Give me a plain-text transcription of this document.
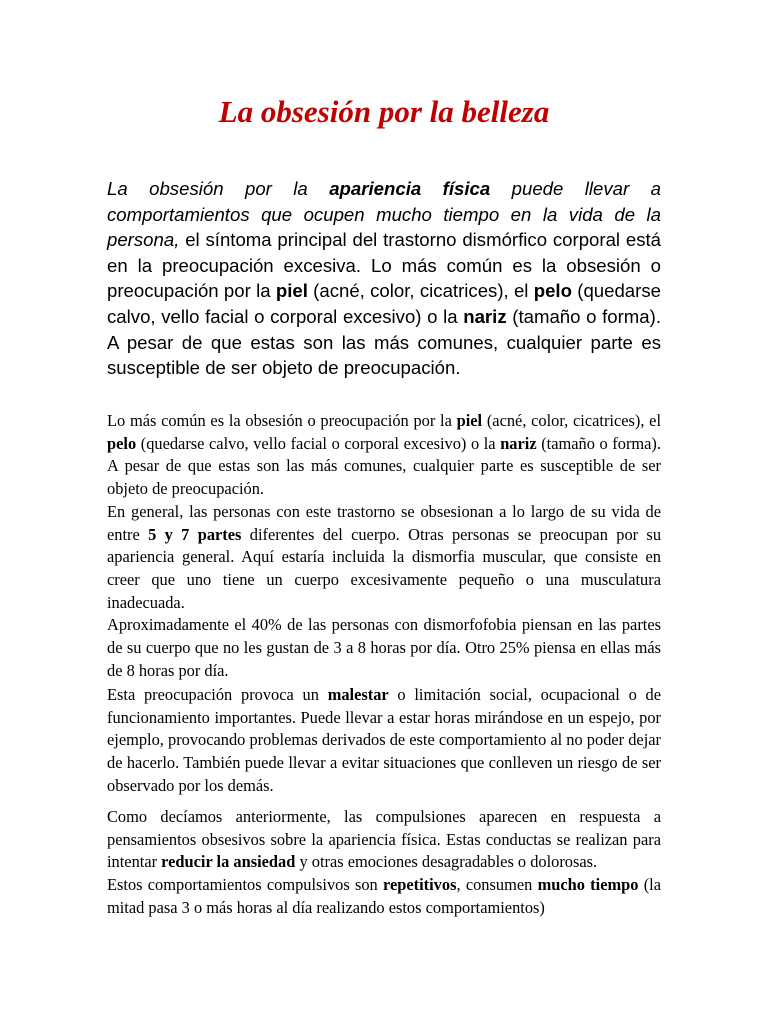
La obsesión por la belleza

La obsesión por la apariencia física puede llevar a comportamientos que ocupen mucho tiempo en la vida de la persona, el síntoma principal del trastorno dismórfico corporal está en la preocupación excesiva. Lo más común es la obsesión o preocupación por la piel (acné, color, cicatrices), el pelo (quedarse calvo, vello facial o corporal excesivo) o la nariz (tamaño o forma). A pesar de que estas son las más comunes, cualquier parte es susceptible de ser objeto de preocupación.

Lo más común es la obsesión o preocupación por la piel (acné, color, cicatrices), el pelo (quedarse calvo, vello facial o corporal excesivo) o la nariz (tamaño o forma). A pesar de que estas son las más comunes, cualquier parte es susceptible de ser objeto de preocupación.
En general, las personas con este trastorno se obsesionan a lo largo de su vida de entre 5 y 7 partes diferentes del cuerpo. Otras personas se preocupan por su apariencia general. Aquí estaría incluida la dismorfia muscular, que consiste en creer que uno tiene un cuerpo excesivamente pequeño o una musculatura inadecuada.
Aproximadamente el 40% de las personas con dismorfofobia piensan en las partes de su cuerpo que no les gustan de 3 a 8 horas por día. Otro 25% piensa en ellas más de 8 horas por día.

Esta preocupación provoca un malestar o limitación social, ocupacional o de funcionamiento importantes. Puede llevar a estar horas mirándose en un espejo, por ejemplo, provocando problemas derivados de este comportamiento al no poder dejar de hacerlo. También puede llevar a evitar situaciones que conlleven un riesgo de ser observado por los demás.

Como decíamos anteriormente, las compulsiones aparecen en respuesta a pensamientos obsesivos sobre la apariencia física. Estas conductas se realizan para intentar reducir la ansiedad y otras emociones desagradables o dolorosas.
Estos comportamientos compulsivos son repetitivos, consumen mucho tiempo (la mitad pasa 3 o más horas al día realizando estos comportamientos)
